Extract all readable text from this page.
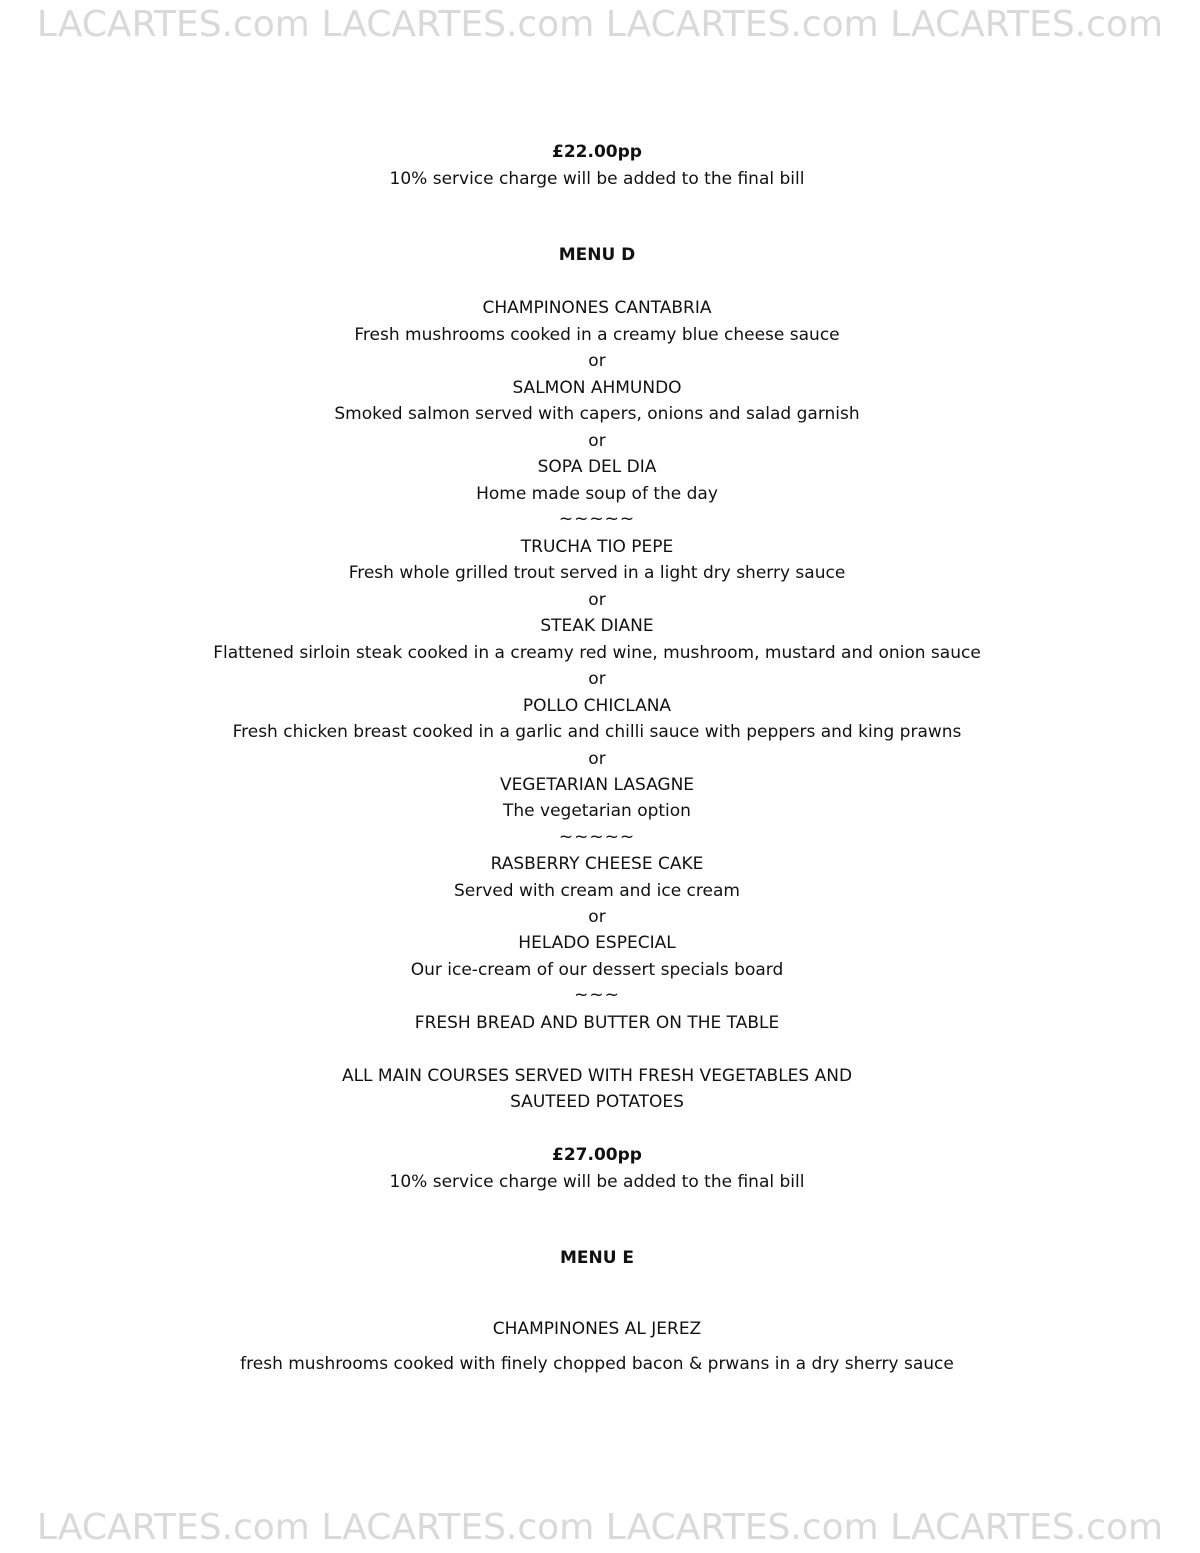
LACARTES.com LACARTES.com LACARTES.com LACARTES.com
£22.00pp
10% service charge will be added to the final bill
MENU D
CHAMPINONES CANTABRIA
Fresh mushrooms cooked in a creamy blue cheese sauce
or
SALMON AHMUNDO
Smoked salmon served with capers, onions and salad garnish
or
SOPA DEL DIA
Home made soup of the day
~~~~~
TRUCHA TIO PEPE
Fresh whole grilled trout served in a light dry sherry sauce
or
STEAK DIANE
Flattened sirloin steak cooked in a creamy red wine, mushroom, mustard and onion sauce
or
POLLO CHICLANA
Fresh chicken breast cooked in a garlic and chilli sauce with peppers and king prawns
or
VEGETARIAN LASAGNE
The vegetarian option
~~~~~
RASBERRY CHEESE CAKE
Served with cream and ice cream
or
HELADO ESPECIAL
Our ice-cream of our dessert specials board
~~~
FRESH BREAD AND BUTTER ON THE TABLE
ALL MAIN COURSES SERVED WITH FRESH VEGETABLES AND
SAUTEED POTATOES
£27.00pp
10% service charge will be added to the final bill
MENU E
CHAMPINONES AL JEREZ
fresh mushrooms cooked with finely chopped bacon & prwans in a dry sherry sauce
LACARTES.com LACARTES.com LACARTES.com LACARTES.com
